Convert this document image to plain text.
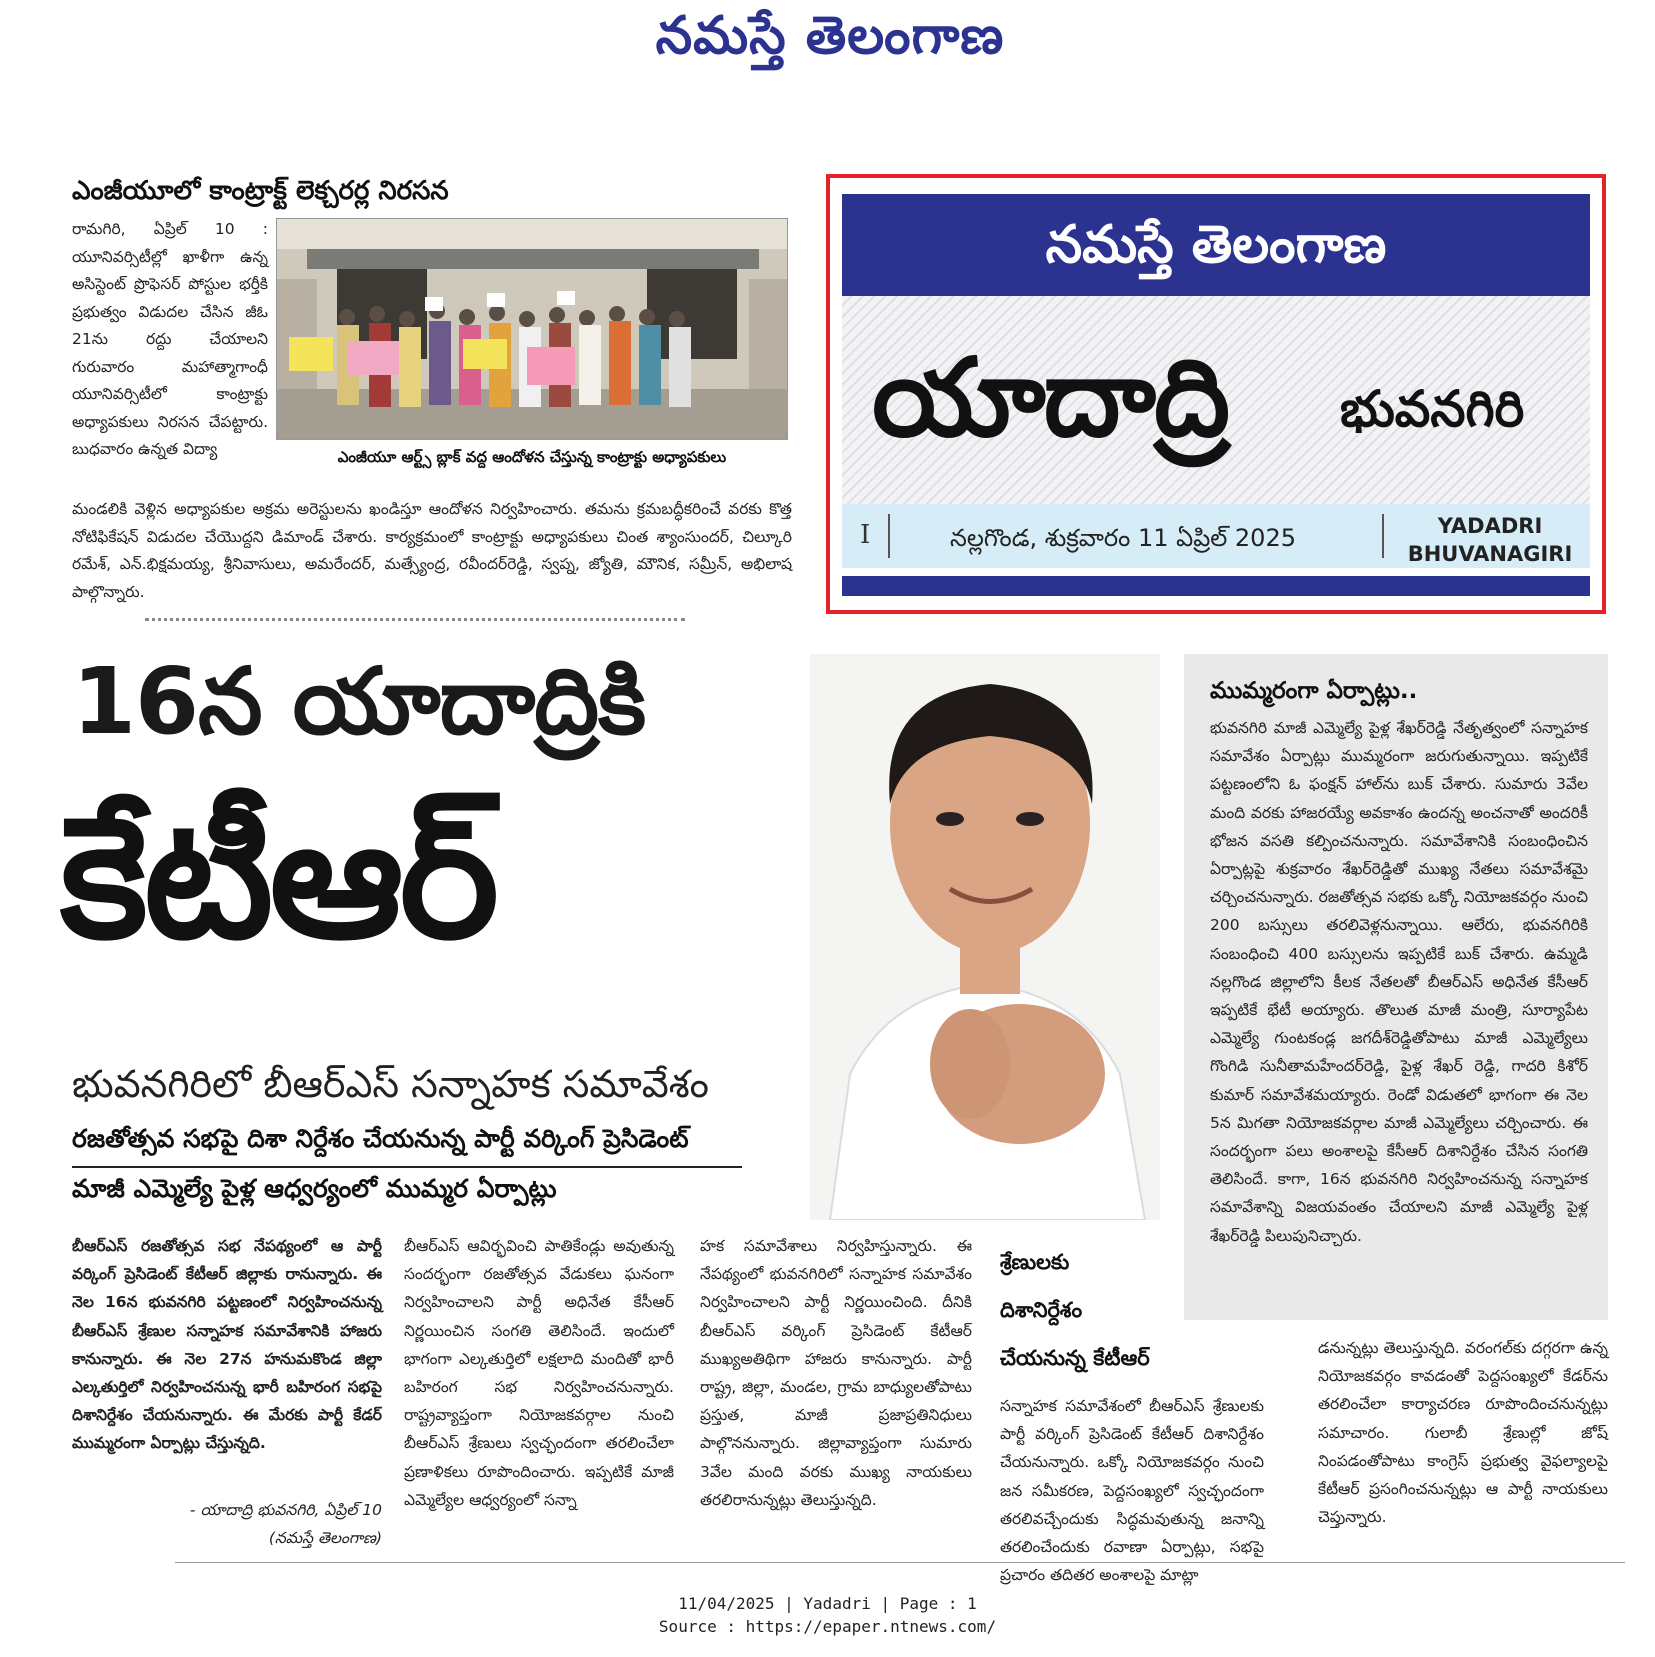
నమస్తే తెలంగాణ
ఎంజీయూలో కాంట్రాక్ట్ లెక్చరర్ల నిరసన
రామగిరి, ఏప్రిల్ 10 : యూనివర్సిటీల్లో ఖాళీగా ఉన్న అసిస్టెంట్ ప్రొఫెసర్ పోస్టుల భర్తీకి ప్రభుత్వం విడుదల చేసిన జీఓ 21ను రద్దు చేయాలని గురువారం మహాత్మాగాంధీ యూనివర్సిటీలో కాంట్రాక్టు అధ్యాపకులు నిరసన చేపట్టారు. బుధవారం ఉన్నత విద్యా	ఎంజీయూ ఆర్ట్స్ బ్లాక్ వద్ద ఆందోళన చేస్తున్న కాంట్రాక్టు అధ్యాపకులు
మండలికి వెళ్లిన అధ్యాపకుల అక్రమ అరెస్టులను ఖండిస్తూ ఆందోళన నిర్వహించారు. తమను క్రమబద్ధీకరించే వరకు కొత్త నోటిఫికేషన్ విడుదల చేయొద్దని డిమాండ్ చేశారు. కార్యక్రమంలో కాంట్రాక్టు అధ్యాపకులు చింత శ్యాంసుందర్, చిల్కూరి రమేశ్, ఎన్.భిక్షమయ్య, శ్రీనివాసులు, అమరేందర్, మత్స్యేంద్ర, రవీందర్‌రెడ్డి, స్వప్న, జ్యోతి, మౌనిక, సమ్రీన్, అభిలాష పాల్గొన్నారు.
నమస్తే తెలంగాణ
యాదాద్రి భువనగిరి
I	నల్లగొండ, శుక్రవారం 11 ఏప్రిల్ 2025	YADADRI
BHUVANAGIRI
16న యాదాద్రికి
కేటీఆర్
భువనగిరిలో బీఆర్ఎస్ సన్నాహక సమావేశం
రజతోత్సవ సభపై దిశా నిర్దేశం చేయనున్న పార్టీ వర్కింగ్ ప్రెసిడెంట్
మాజీ ఎమ్మెల్యే పైళ్ల ఆధ్వర్యంలో ముమ్మర ఏర్పాట్లు
ముమ్మరంగా ఏర్పాట్లు..
భువనగిరి మాజీ ఎమ్మెల్యే పైళ్ల శేఖర్‌రెడ్డి నేతృత్వంలో సన్నాహక సమావేశం ఏర్పాట్లు ముమ్మరంగా జరుగుతున్నాయి. ఇప్పటికే పట్టణంలోని ఓ ఫంక్షన్ హాల్‌ను బుక్ చేశారు. సుమారు 3వేల మంది వరకు హాజరయ్యే అవకాశం ఉందన్న అంచనాతో అందరికీ భోజన వసతి కల్పించనున్నారు. సమావేశానికి సంబంధించిన ఏర్పాట్లపై శుక్రవారం శేఖర్‌రెడ్డితో ముఖ్య నేతలు సమావేశమై చర్చించనున్నారు. రజతోత్సవ సభకు ఒక్కో నియోజకవర్గం నుంచి 200 బస్సులు తరలివెళ్లనున్నాయి. ఆలేరు, భువనగిరికి సంబంధించి 400 బస్సులను ఇప్పటికే బుక్ చేశారు. ఉమ్మడి నల్లగొండ జిల్లాలోని కీలక నేతలతో బీఆర్ఎస్ అధినేత కేసీఆర్ ఇప్పటికే భేటీ అయ్యారు. తొలుత మాజీ మంత్రి, సూర్యాపేట ఎమ్మెల్యే గుంటకండ్ల జగదీశ్‌రెడ్డితోపాటు మాజీ ఎమ్మెల్యేలు గొంగిడి సునీతామహేందర్‌రెడ్డి, పైళ్ల శేఖర్ రెడ్డి, గాదరి కిశోర్ కుమార్ సమావేశమయ్యారు. రెండో విడుతలో భాగంగా ఈ నెల 5న మిగతా నియోజకవర్గాల మాజీ ఎమ్మెల్యేలు చర్చించారు. ఈ సందర్భంగా పలు అంశాలపై కేసీఆర్ దిశానిర్దేశం చేసిన సంగతి తెలిసిందే. కాగా, 16న భువనగిరి నిర్వహించనున్న సన్నాహక సమావేశాన్ని విజయవంతం చేయాలని మాజీ ఎమ్మెల్యే పైళ్ల శేఖర్‌రెడ్డి పిలుపునిచ్చారు.
బీఆర్ఎస్ రజతోత్సవ సభ నేపథ్యంలో ఆ పార్టీ వర్కింగ్ ప్రెసిడెంట్ కేటీఆర్ జిల్లాకు రానున్నారు. ఈ నెల 16న భువనగిరి పట్టణంలో నిర్వహించనున్న బీఆర్ఎస్ శ్రేణుల సన్నాహక సమావేశానికి హాజరు కానున్నారు. ఈ నెల 27న హనుమకొండ జిల్లా ఎల్కతుర్తిలో నిర్వహించనున్న భారీ బహిరంగ సభపై దిశానిర్దేశం చేయనున్నారు. ఈ మేరకు పార్టీ కేడర్ ముమ్మరంగా ఏర్పాట్లు చేస్తున్నది.
- యాదాద్రి భువనగిరి, ఏప్రిల్ 10
(నమస్తే తెలంగాణ)
బీఆర్ఎస్ ఆవిర్భవించి పాతికేండ్లు అవుతున్న సందర్భంగా రజతోత్సవ వేడుకలు ఘనంగా నిర్వహించాలని పార్టీ అధినేత కేసీఆర్ నిర్ణయించిన సంగతి తెలిసిందే. ఇందులో భాగంగా ఎల్కతుర్తిలో లక్షలాది మందితో భారీ బహిరంగ సభ నిర్వహించనున్నారు. రాష్ట్రవ్యాప్తంగా నియోజకవర్గాల నుంచి బీఆర్ఎస్ శ్రేణులు స్వచ్ఛందంగా తరలించేలా ప్రణాళికలు రూపొందించారు. ఇప్పటికే మాజీ ఎమ్మెల్యేల ఆధ్వర్యంలో సన్నా
హక సమావేశాలు నిర్వహిస్తున్నారు. ఈ నేపథ్యంలో భువనగిరిలో సన్నాహక సమావేశం నిర్వహించాలని పార్టీ నిర్ణయించింది. దీనికి బీఆర్ఎస్ వర్కింగ్ ప్రెసిడెంట్ కేటీఆర్ ముఖ్యఅతిథిగా హాజరు కానున్నారు. పార్టీ రాష్ట్ర, జిల్లా, మండల, గ్రామ బాధ్యులతోపాటు ప్రస్తుత, మాజీ ప్రజాప్రతినిధులు పాల్గొననున్నారు. జిల్లావ్యాప్తంగా సుమారు 3వేల మంది వరకు ముఖ్య నాయకులు తరలిరానున్నట్లు తెలుస్తున్నది.
శ్రేణులకు
దిశానిర్దేశం
చేయనున్న కేటీఆర్
సన్నాహక సమావేశంలో బీఆర్ఎస్ శ్రేణులకు పార్టీ వర్కింగ్ ప్రెసిడెంట్ కేటీఆర్ దిశానిర్దేశం చేయనున్నారు. ఒక్కో నియోజకవర్గం నుంచి జన సమీకరణ, పెద్దసంఖ్యలో స్వచ్ఛందంగా తరలివచ్చేందుకు సిద్ధమవుతున్న జనాన్ని తరలించేందుకు రవాణా ఏర్పాట్లు, సభపై ప్రచారం తదితర అంశాలపై మాట్లా
డనున్నట్లు తెలుస్తున్నది. వరంగల్‌కు దగ్గరగా ఉన్న నియోజకవర్గం కావడంతో పెద్దసంఖ్యలో కేడర్‌ను తరలించేలా కార్యాచరణ రూపొందించనున్నట్లు సమాచారం. గులాబీ శ్రేణుల్లో జోష్ నింపడంతోపాటు కాంగ్రెస్ ప్రభుత్వ వైఫల్యాలపై కేటీఆర్ ప్రసంగించనున్నట్లు ఆ పార్టీ నాయకులు చెప్తున్నారు.
11/04/2025 | Yadadri | Page : 1
Source : https://epaper.ntnews.com/
